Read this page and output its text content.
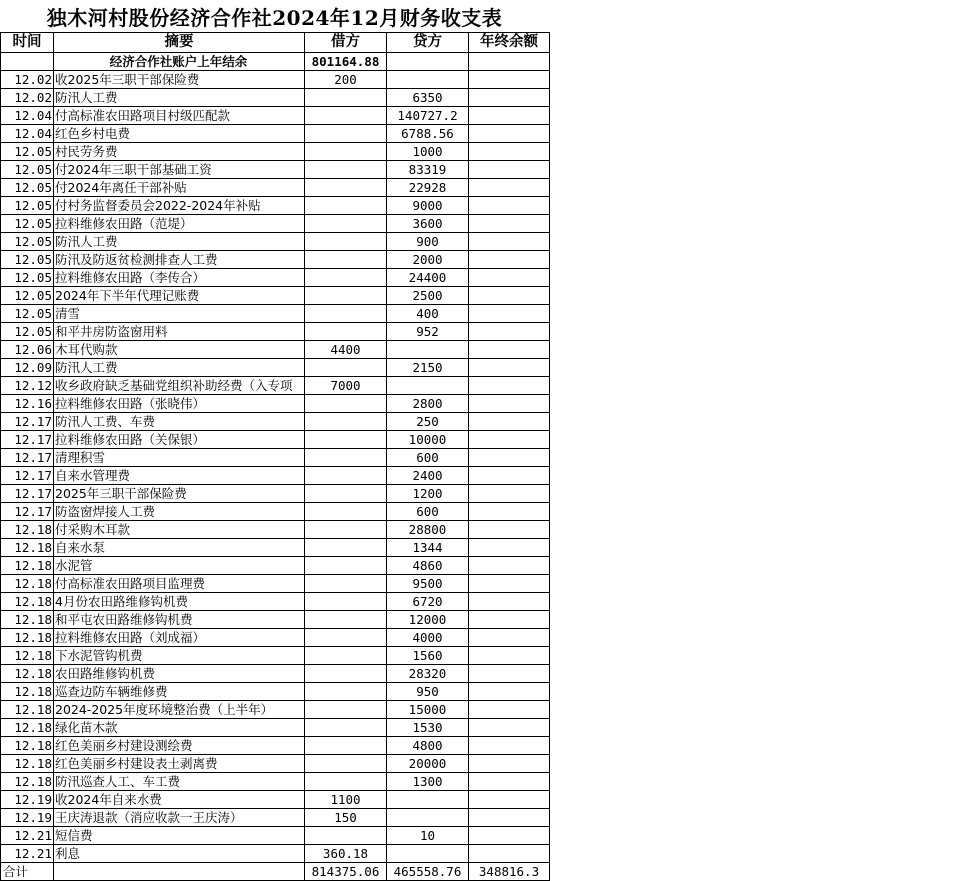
独木河村股份经济合作社2024年12月财务收支表
时间	摘要	借方	贷方	年终余额
	经济合作社账户上年结余	801164.88		
12.02	收2025年三职干部保险费	200		
12.02	防汛人工费		6350	
12.04	付高标准农田路项目村级匹配款		140727.2	
12.04	红色乡村电费		6788.56	
12.05	村民劳务费		1000	
12.05	付2024年三职干部基础工资		83319	
12.05	付2024年离任干部补贴		22928	
12.05	付村务监督委员会2022-2024年补贴		9000	
12.05	拉料维修农田路（范堤）		3600	
12.05	防汛人工费		900	
12.05	防汛及防返贫检测排查人工费		2000	
12.05	拉料维修农田路（李传合）		24400	
12.05	2024年下半年代理记账费		2500	
12.05	清雪		400	
12.05	和平井房防盗窗用料		952	
12.06	木耳代购款	4400		
12.09	防汛人工费		2150	
12.12	收乡政府缺乏基础党组织补助经费（入专项	7000		
12.16	拉料维修农田路（张晓伟）		2800	
12.17	防汛人工费、车费		250	
12.17	拉料维修农田路（关保银）		10000	
12.17	清理积雪		600	
12.17	自来水管理费		2400	
12.17	2025年三职干部保险费		1200	
12.17	防盗窗焊接人工费		600	
12.18	付采购木耳款		28800	
12.18	自来水泵		1344	
12.18	水泥管		4860	
12.18	付高标准农田路项目监理费		9500	
12.18	4月份农田路维修钩机费		6720	
12.18	和平屯农田路维修钩机费		12000	
12.18	拉料维修农田路（刘成福）		4000	
12.18	下水泥管钩机费		1560	
12.18	农田路维修钩机费		28320	
12.18	巡查边防车辆维修费		950	
12.18	2024-2025年度环境整治费（上半年）		15000	
12.18	绿化苗木款		1530	
12.18	红色美丽乡村建设测绘费		4800	
12.18	红色美丽乡村建设表土剥离费		20000	
12.18	防汛巡查人工、车工费		1300	
12.19	收2024年自来水费	1100		
12.19	王庆涛退款（消应收款一王庆涛）	150		
12.21	短信费		10	
12.21	利息	360.18		
合计		814375.06	465558.76	348816.3
